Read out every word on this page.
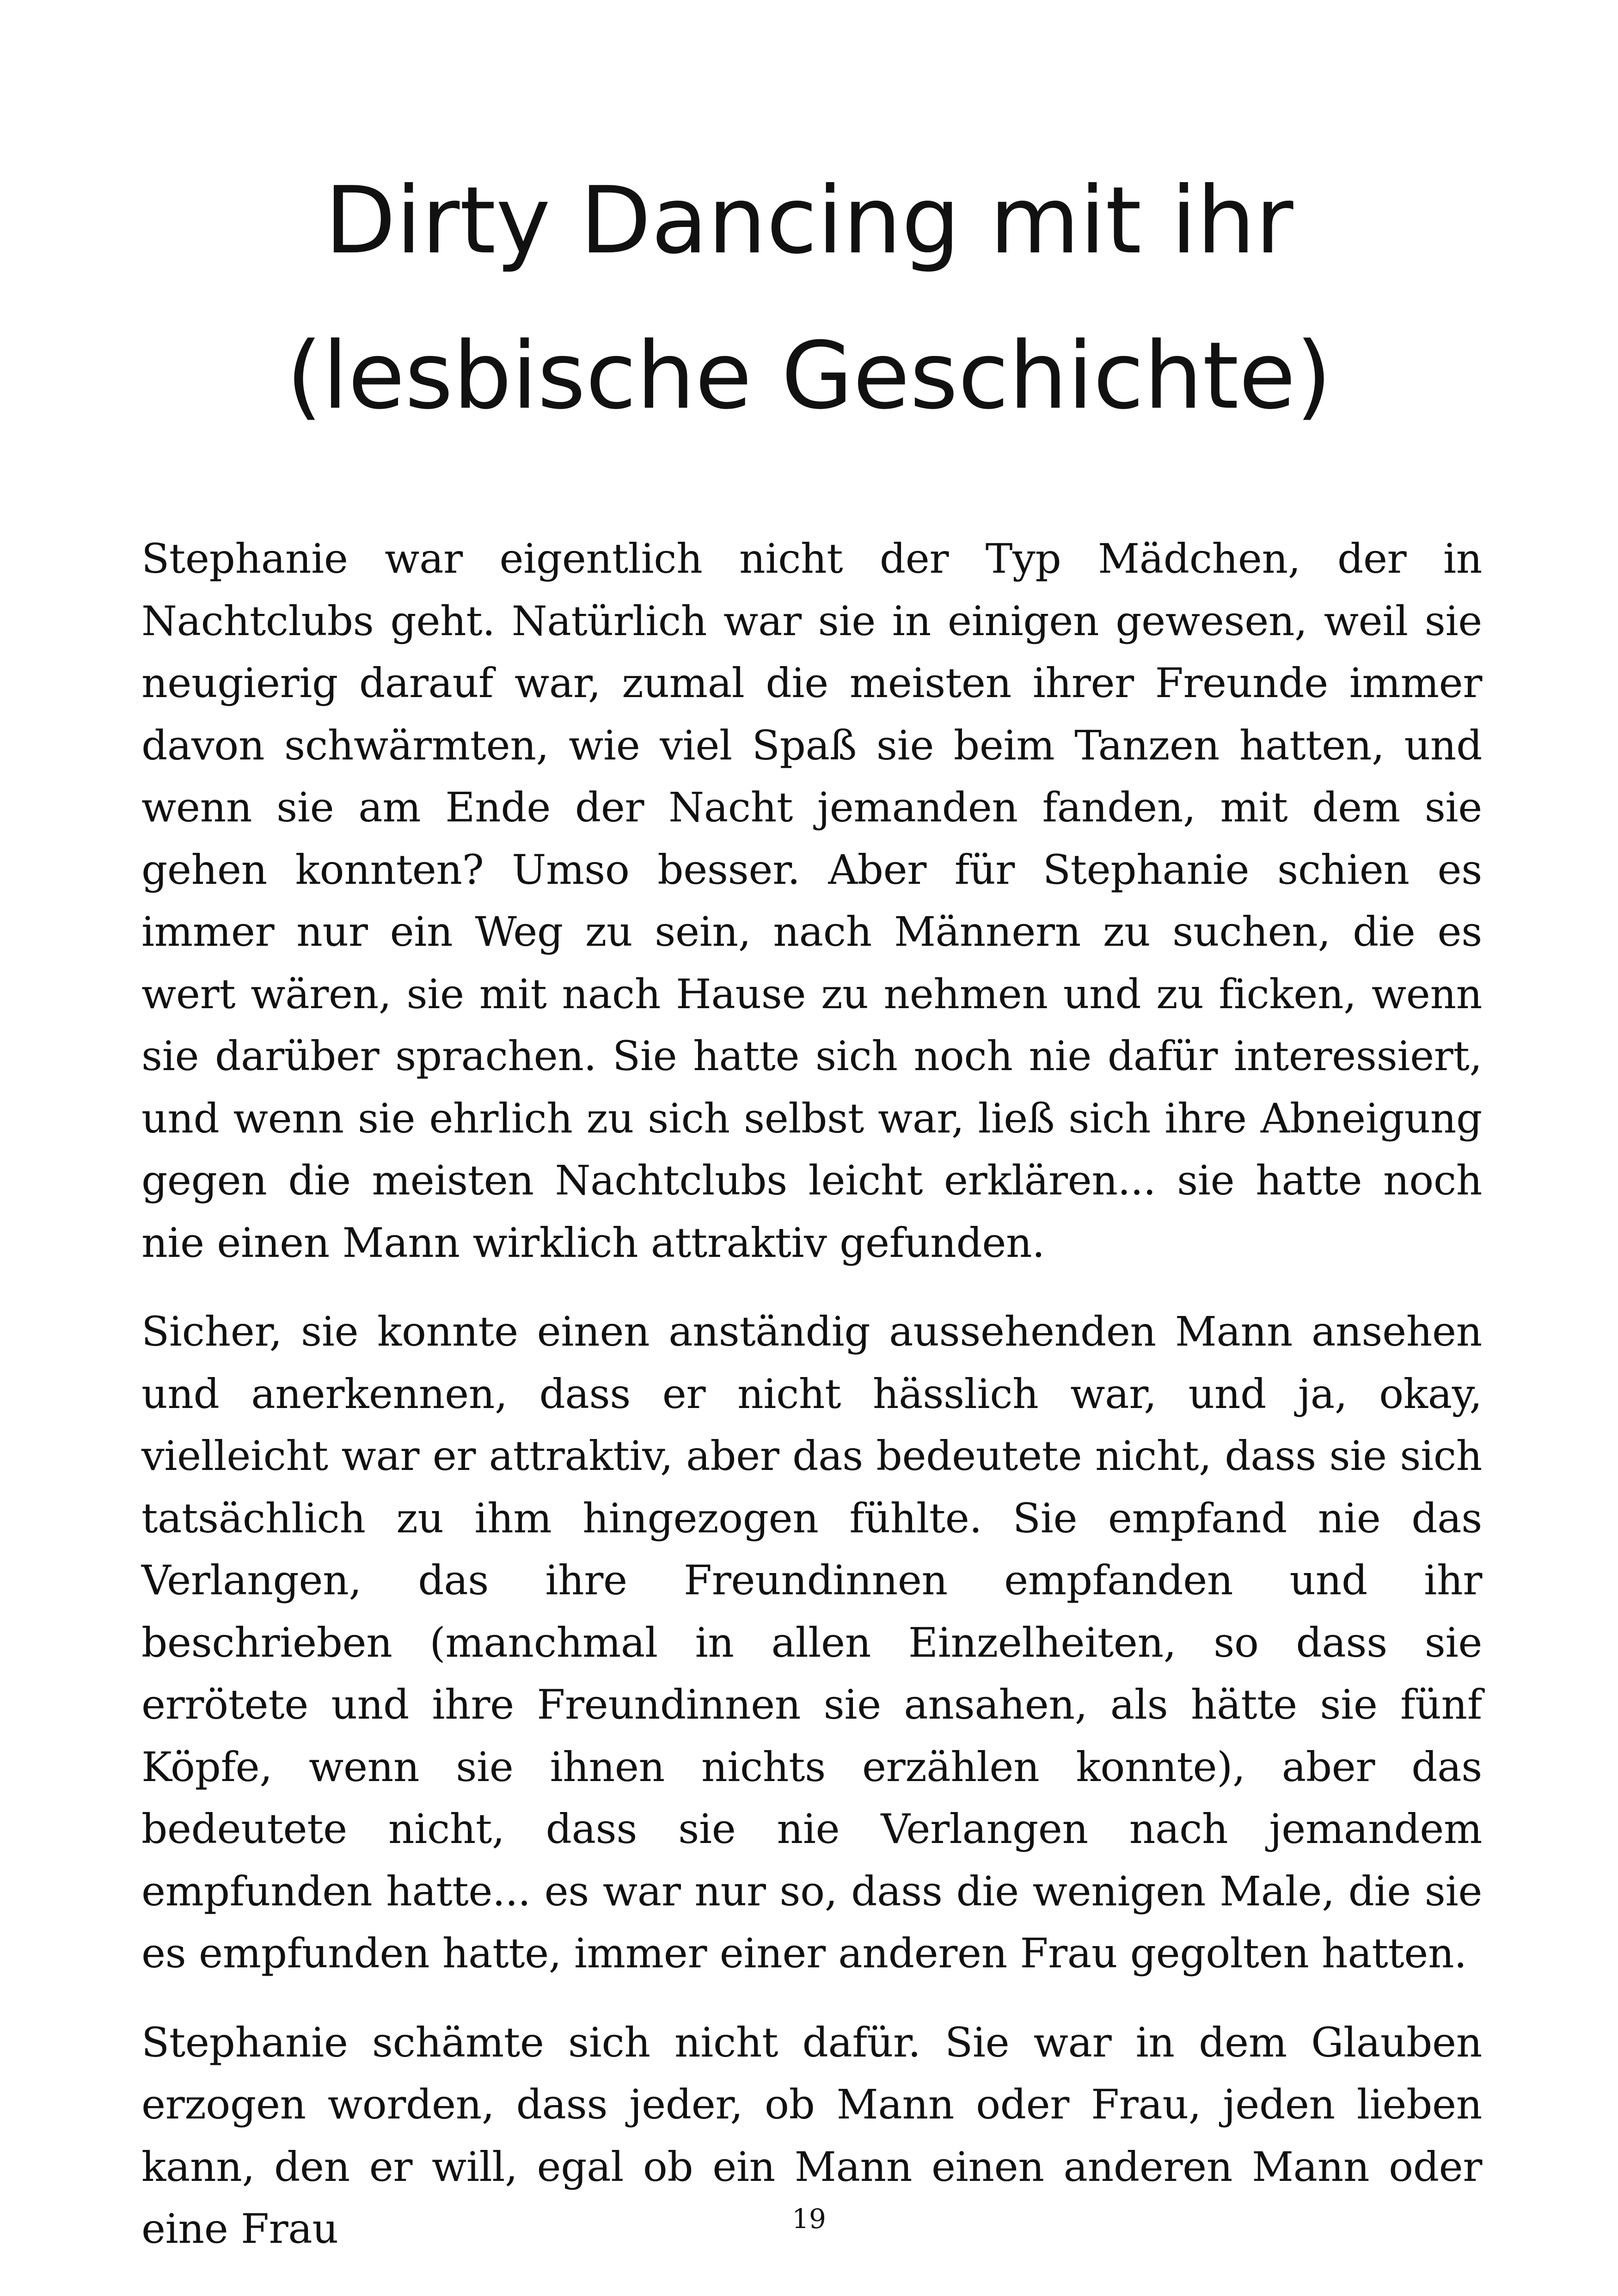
Dirty Dancing mit ihr
(lesbische Geschichte)

Stephanie war eigentlich nicht der Typ Mädchen, der in Nachtclubs geht. Natürlich war sie in einigen gewesen, weil sie neugierig darauf war, zumal die meisten ihrer Freunde immer davon schwärmten, wie viel Spaß sie beim Tanzen hatten, und wenn sie am Ende der Nacht jemanden fanden, mit dem sie gehen konnten? Umso besser. Aber für Stephanie schien es immer nur ein Weg zu sein, nach Männern zu suchen, die es wert wären, sie mit nach Hause zu nehmen und zu ficken, wenn sie darüber sprachen. Sie hatte sich noch nie dafür interessiert, und wenn sie ehrlich zu sich selbst war, ließ sich ihre Abneigung gegen die meisten Nachtclubs leicht erklären... sie hatte noch nie einen Mann wirklich attraktiv gefunden.

Sicher, sie konnte einen anständig aussehenden Mann ansehen und anerkennen, dass er nicht hässlich war, und ja, okay, vielleicht war er attraktiv, aber das bedeutete nicht, dass sie sich tatsächlich zu ihm hingezogen fühlte. Sie empfand nie das Verlangen, das ihre Freundinnen empfanden und ihr beschrieben (manchmal in allen Einzelheiten, so dass sie errötete und ihre Freundinnen sie ansahen, als hätte sie fünf Köpfe, wenn sie ihnen nichts erzählen konnte), aber das bedeutete nicht, dass sie nie Verlangen nach jemandem empfunden hatte... es war nur so, dass die wenigen Male, die sie es empfunden hatte, immer einer anderen Frau gegolten hatten.

Stephanie schämte sich nicht dafür. Sie war in dem Glauben erzogen worden, dass jeder, ob Mann oder Frau, jeden lieben kann, den er will, egal ob ein Mann einen anderen Mann oder eine Frau	19
